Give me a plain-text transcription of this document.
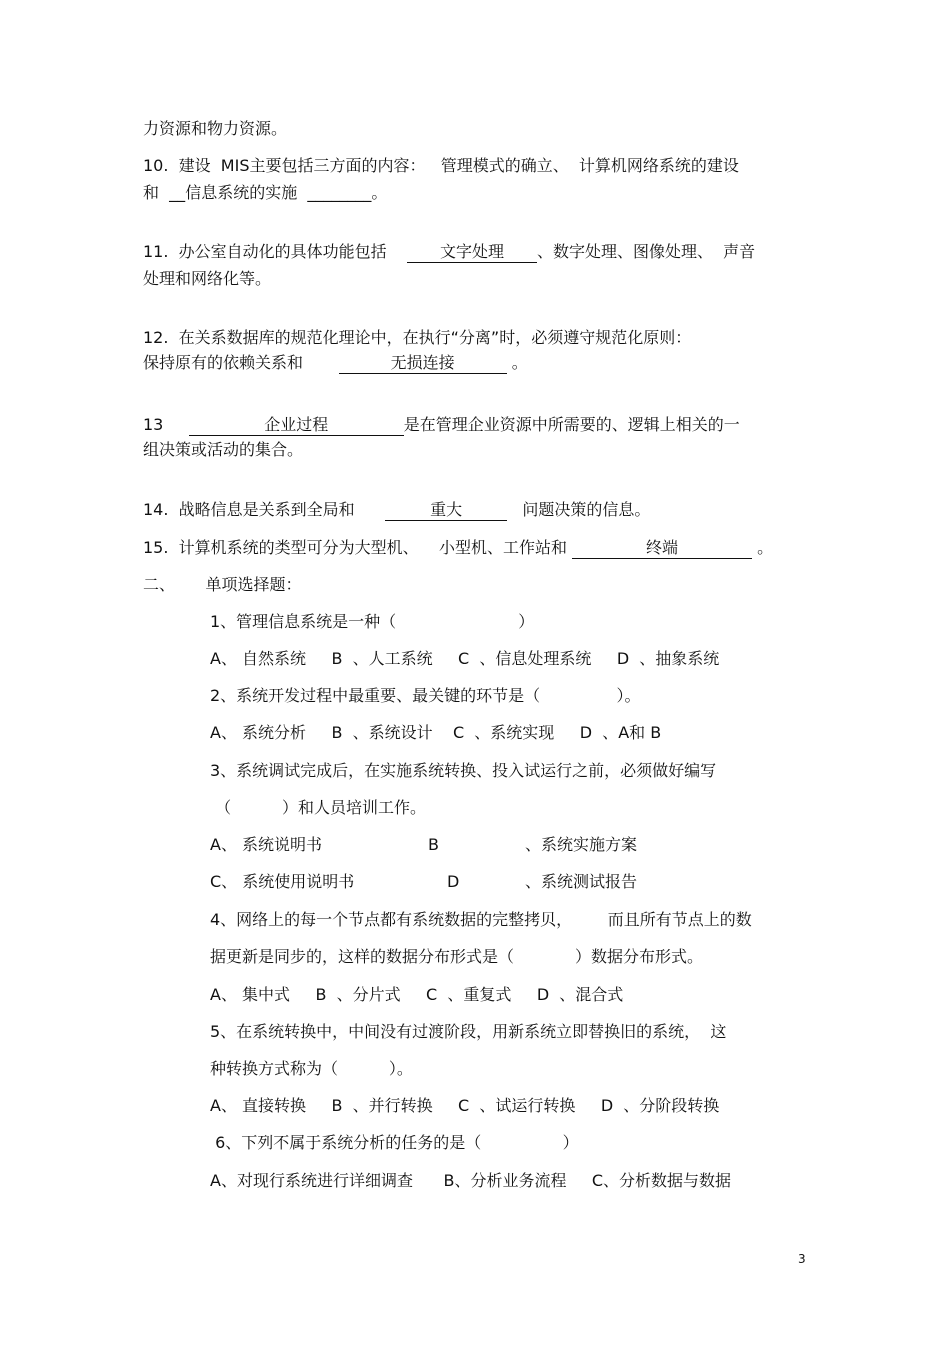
力资源和物力资源。
10.  建设  MIS主要包括三方面的内容：   管理模式的确立、  计算机网络系统的建设
和  __信息系统的实施 ________。
11.  办公室自动化的具体功能包括    文字处理 、数字处理、图像处理、  声音
处理和网络化等。
12.  在关系数据库的规范化理论中，在执行“分离”时，必须遵守规范化原则：
保持原有的依赖关系和	无损连接	。
13	企业过程	是在管理企业资源中所需要的、逻辑上相关的一
组决策或活动的集合。
14.  战略信息是关系到全局和	重大	问题决策的信息。
15.  计算机系统的类型可分为大型机、    小型机、工作站和	终端	。
二、      单项选择题：
1、管理信息系统是一种（                        ）
A、 自然系统     B  、人工系统     C  、信息处理系统     D  、抽象系统
2、系统开发过程中最重要、最关键的环节是（               ）。
A、 系统分析     B  、系统设计    C  、系统实现     D  、A和 B
3、系统调试完成后，在实施系统转换、投入试运行之前，必须做好编写
（          ）和人员培训工作。
A、 系统说明书	B	、系统实施方案
C、 系统使用说明书	D	、系统测试报告
4、网络上的每一个节点都有系统数据的完整拷贝，       而且所有节点上的数
据更新是同步的，这样的数据分布形式是（            ）数据分布形式。
A、 集中式     B  、分片式     C  、重复式     D  、混合式
5、在系统转换中，中间没有过渡阶段，用新系统立即替换旧的系统，  这
种转换方式称为（          ）。
A、 直接转换     B  、并行转换     C  、试运行转换     D  、分阶段转换
6、下列不属于系统分析的任务的是（                ）
A、对现行系统进行详细调查      B、分析业务流程     C、分析数据与数据
3
